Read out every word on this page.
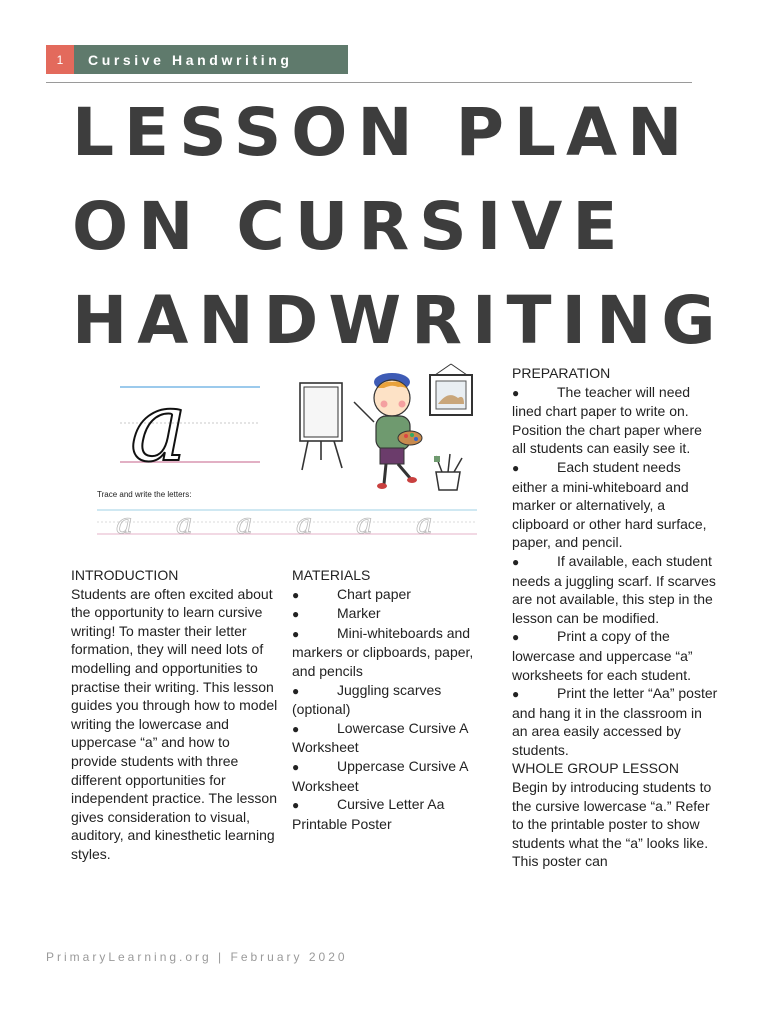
1	Cursive Handwriting
LESSON PLAN
ON CURSIVE
HANDWRITING
a
Trace and write the letters:
a a a a a a
INTRODUCTION

Students are often excited about the opportunity to learn cursive writing! To master their letter formation, they will need lots of modelling and opportunities to practise their writing. This lesson guides you through how to model writing the lowercase and uppercase “a” and how to provide students with three different opportunities for independent practice. The lesson gives consideration to visual, auditory, and kinesthetic learning styles.

MATERIALS
● Chart paper
● Marker
● Mini-whiteboards and markers or clipboards, paper, and pencils
● Juggling scarves (optional)
● Lowercase Cursive A Worksheet
● Uppercase Cursive A Worksheet
● Cursive Letter Aa Printable Poster
PREPARATION
● The teacher will need lined chart paper to write on. Position the chart paper where all students can easily see it.
● Each student needs either a mini-whiteboard and marker or alternatively, a clipboard or other hard surface, paper, and pencil.
● If available, each student needs a juggling scarf. If scarves are not available, this step in the lesson can be modified.
● Print a copy of the lowercase and uppercase “a” worksheets for each student.
● Print the letter “Aa” poster and hang it in the classroom in an area easily accessed by students.
WHOLE GROUP LESSON

Begin by introducing students to the cursive lowercase “a.” Refer to the printable poster to show students what the “a” looks like. This poster can

PrimaryLearning.org | February 2020
